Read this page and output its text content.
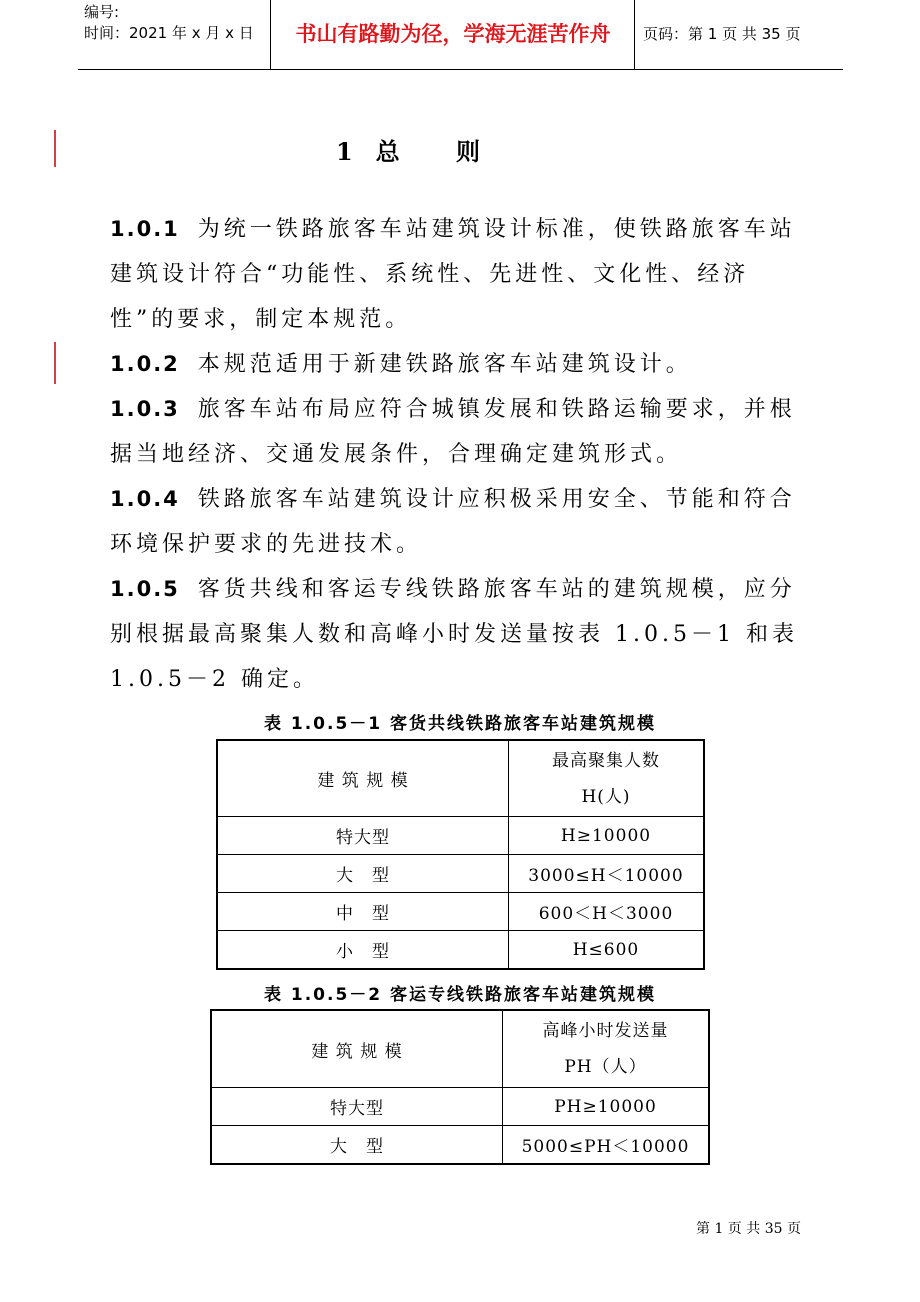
编号:
时间：2021 年 x 月 x 日	书山有路勤为径，学海无涯苦作舟	页码：第 1 页 共 35 页
1 总 则

1.0.1 为统一铁路旅客车站建筑设计标准，使铁路旅客车站建筑设计符合“功能性、系统性、先进性、文化性、经济性”的要求，制定本规范。

1.0.2 本规范适用于新建铁路旅客车站建筑设计。

1.0.3 旅客车站布局应符合城镇发展和铁路运输要求，并根据当地经济、交通发展条件，合理确定建筑形式。

1.0.4 铁路旅客车站建筑设计应积极采用安全、节能和符合环境保护要求的先进技术。

1.0.5 客货共线和客运专线铁路旅客车站的建筑规模，应分别根据最高聚集人数和高峰小时发送量按表 1.0.5－1 和表 1.0.5－2 确定。

表 1.0.5－1 客货共线铁路旅客车站建筑规模

建 筑 规 模	最高聚集人数
H(人)

特大型	H≥10000
大　型	3000≤H＜10000
中　型	600＜H＜3000
小　型	H≤600

表 1.0.5－2 客运专线铁路旅客车站建筑规模

建 筑 规 模	高峰小时发送量
PH（人）

特大型	PH≥10000
大　型	5000≤PH＜10000
第 1 页 共 35 页
